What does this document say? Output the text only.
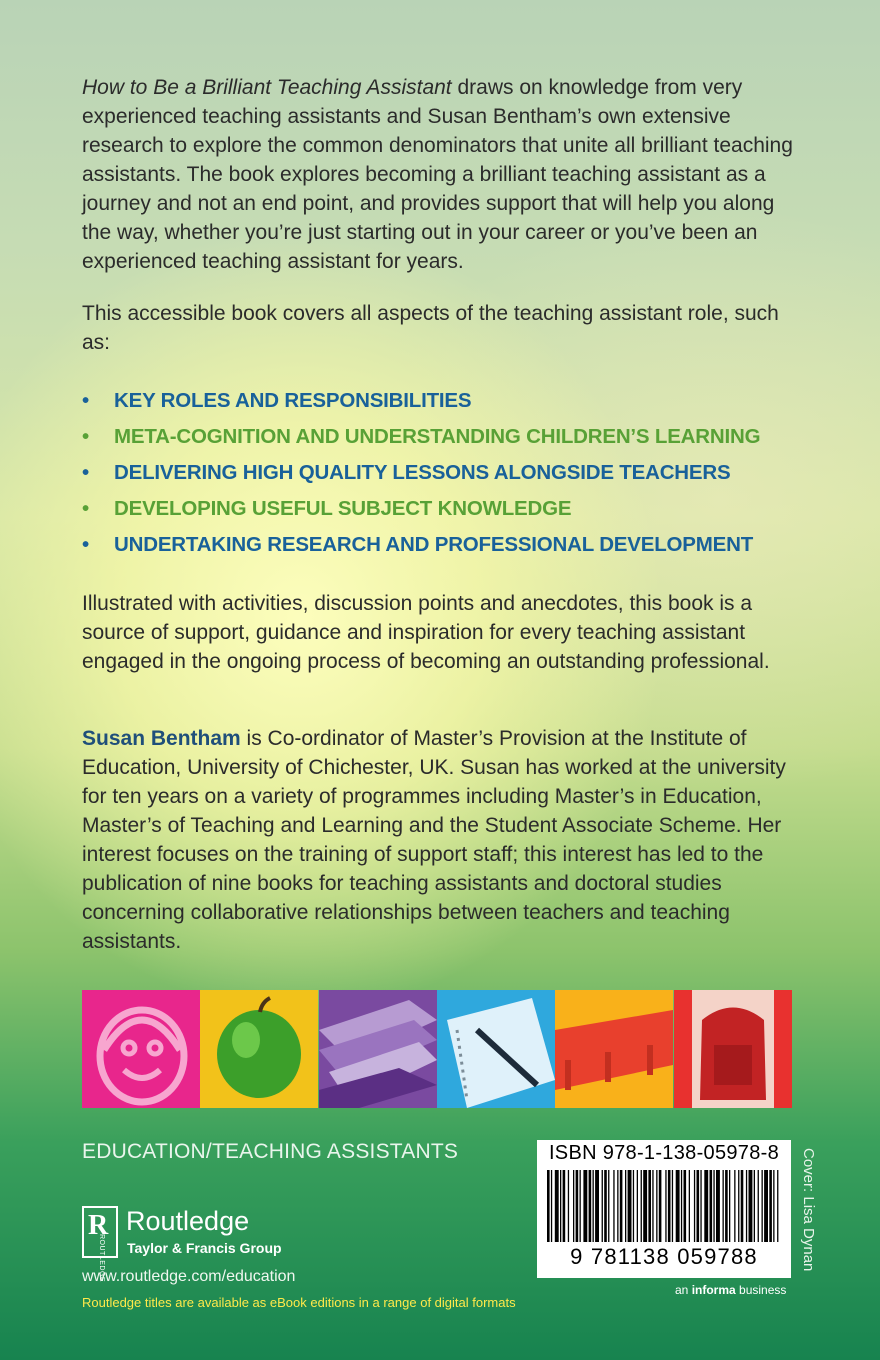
How to Be a Brilliant Teaching Assistant draws on knowledge from very experienced teaching assistants and Susan Bentham’s own extensive research to explore the common denominators that unite all brilliant teaching assistants. The book explores becoming a brilliant teaching assistant as a journey and not an end point, and provides support that will help you along the way, whether you’re just starting out in your career or you’ve been an experienced teaching assistant for years.

This accessible book covers all aspects of the teaching assistant role, such as:

• KEY ROLES AND RESPONSIBILITIES
• META-COGNITION AND UNDERSTANDING CHILDREN’S LEARNING
• DELIVERING HIGH QUALITY LESSONS ALONGSIDE TEACHERS
• DEVELOPING USEFUL SUBJECT KNOWLEDGE
• UNDERTAKING RESEARCH AND PROFESSIONAL DEVELOPMENT

Illustrated with activities, discussion points and anecdotes, this book is a source of support, guidance and inspiration for every teaching assistant engaged in the ongoing process of becoming an outstanding professional.

Susan Bentham is Co-ordinator of Master’s Provision at the Institute of Education, University of Chichester, UK. Susan has worked at the university for ten years on a variety of programmes including Master’s in Education, Master’s of Teaching and Learning and the Student Associate Scheme. Her interest focuses on the training of support staff; this interest has led to the publication of nine books for teaching assistants and doctoral studies concerning collaborative relationships between teachers and teaching assistants.

EDUCATION/TEACHING ASSISTANTS
R
ROUTLEDGE
Routledge
Taylor & Francis Group
www.routledge.com/education
Routledge titles are available as eBook editions in a range of digital formats
ISBN 978-1-138-05978-8
9 781138 059788	Cover: Lisa Dynan
an informa business
